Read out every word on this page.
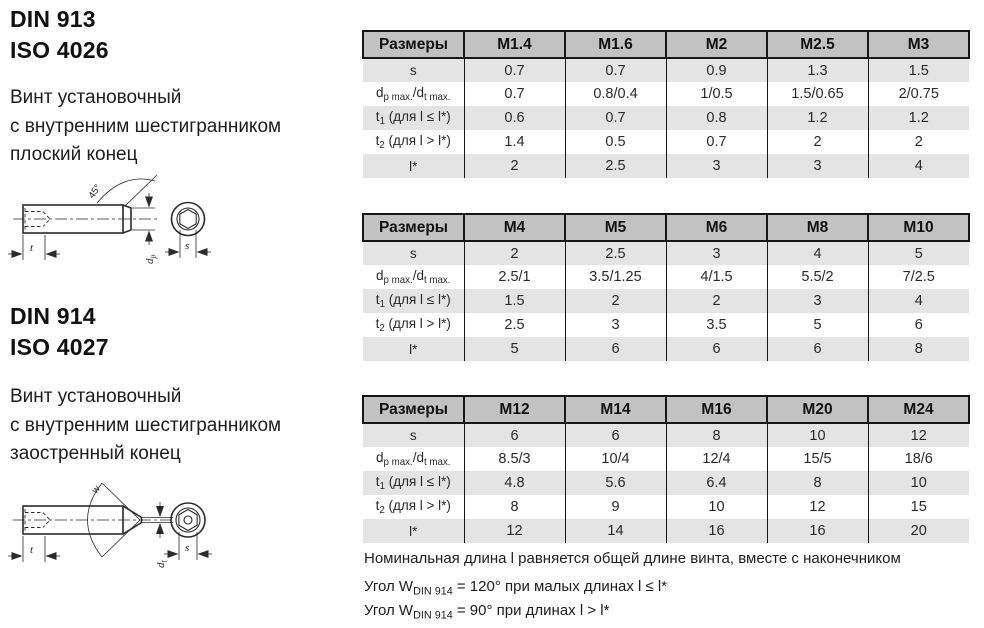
DIN 913
ISO 4026
Винт установочный
с внутренним шестигранником
плоский конец
45°
t
$d_p$
s
DIN 914
ISO 4027
Винт установочный
с внутренним шестигранником
заостренный конец
w
t
$d_t$
s
Размеры	M1.4	M1.6	M2	M2.5	M3
s	0.7	0.7	0.9	1.3	1.5
$d_{p max.}/d_{t max.}$	0.7	0.8/0.4	1/0.5	1.5/0.65	2/0.75
$t_1$ (для l ≤ l*)	0.6	0.7	0.8	1.2	1.2
$t_2$ (для l > l*)	1.4	0.5	0.7	2	2
l*	2	2.5	3	3	4
Размеры	M4	M5	M6	M8	M10
s	2	2.5	3	4	5
$d_{p max.}/d_{t max.}$	2.5/1	3.5/1.25	4/1.5	5.5/2	7/2.5
$t_1$ (для l ≤ l*)	1.5	2	2	3	4
$t_2$ (для l > l*)	2.5	3	3.5	5	6
l*	5	6	6	6	8
Размеры	M12	M14	M16	M20	M24
s	6	6	8	10	12
$d_{p max.}/d_{t max.}$	8.5/3	10/4	12/4	15/5	18/6
$t_1$ (для l ≤ l*)	4.8	5.6	6.4	8	10
$t_2$ (для l > l*)	8	9	10	12	15
l*	12	14	16	16	20
Номинальная длина l равняется общей длине винта, вместе с наконечником
Угол $W_{DIN 914} = 120^\circ$ при малых длинах l ≤ l*
Угол $W_{DIN 914} = 90^\circ$ при длинах l > l*
